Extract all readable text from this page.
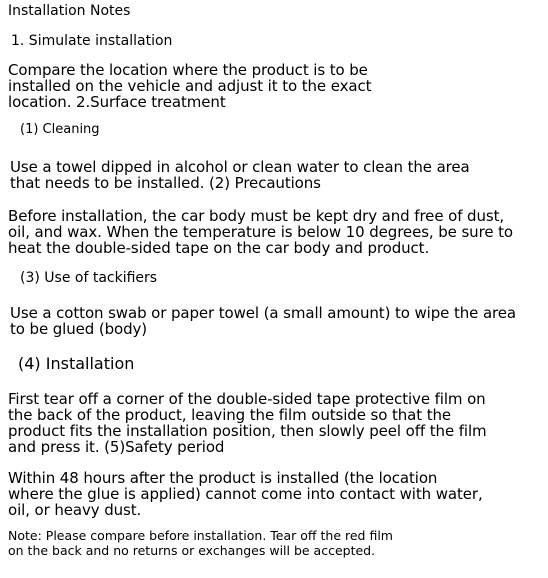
Installation Notes

1. Simulate installation

Compare the location where the product is to be

installed on the vehicle and adjust it to the exact

location. 2.Surface treatment

(1) Cleaning

Use a towel dipped in alcohol or clean water to clean the area

that needs to be installed. (2) Precautions

Before installation, the car body must be kept dry and free of dust,

oil, and wax. When the temperature is below 10 degrees, be sure to

heat the double-sided tape on the car body and product.

(3) Use of tackifiers

Use a cotton swab or paper towel (a small amount) to wipe the area

to be glued (body)

(4) Installation

First tear off a corner of the double-sided tape protective film on

the back of the product, leaving the film outside so that the

product fits the installation position, then slowly peel off the film

and press it. (5)Safety period

Within 48 hours after the product is installed (the location

where the glue is applied) cannot come into contact with water,

oil, or heavy dust.

Note: Please compare before installation. Tear off the red film

on the back and no returns or exchanges will be accepted.
